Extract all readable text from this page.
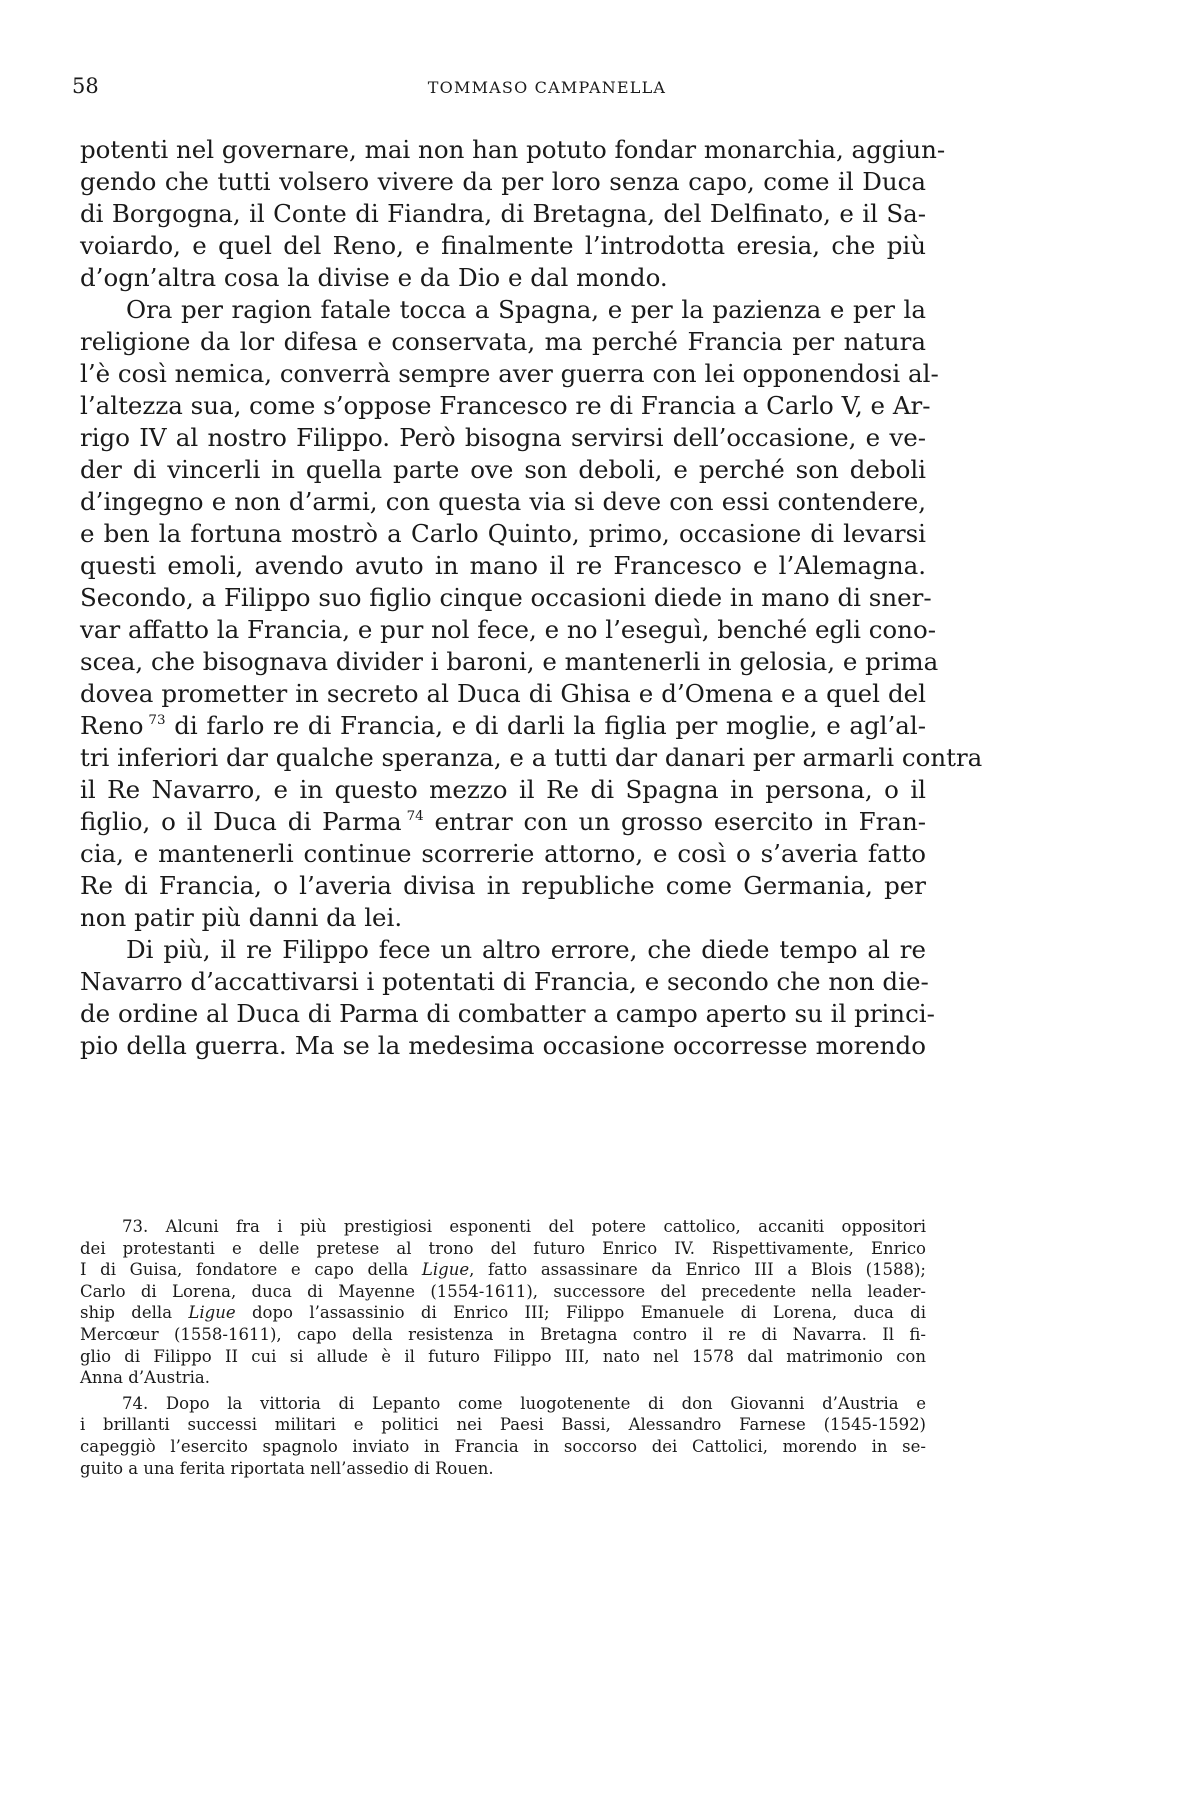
58	TOMMASO CAMPANELLA
potenti nel governare, mai non han potuto fondar monarchia, aggiun-
gendo che tutti volsero vivere da per loro senza capo, come il Duca
di Borgogna, il Conte di Fiandra, di Bretagna, del Delfinato, e il Sa-
voiardo, e quel del Reno, e finalmente l’introdotta eresia, che più
d’ogn’altra cosa la divise e da Dio e dal mondo.
Ora per ragion fatale tocca a Spagna, e per la pazienza e per la
religione da lor difesa e conservata, ma perché Francia per natura
l’è così nemica, converrà sempre aver guerra con lei opponendosi al-
l’altezza sua, come s’oppose Francesco re di Francia a Carlo V, e Ar-
rigo IV al nostro Filippo. Però bisogna servirsi dell’occasione, e ve-
der di vincerli in quella parte ove son deboli, e perché son deboli
d’ingegno e non d’armi, con questa via si deve con essi contendere,
e ben la fortuna mostrò a Carlo Quinto, primo, occasione di levarsi
questi emoli, avendo avuto in mano il re Francesco e l’Alemagna.
Secondo, a Filippo suo figlio cinque occasioni diede in mano di sner-
var affatto la Francia, e pur nol fece, e no l’eseguì, benché egli cono-
scea, che bisognava divider i baroni, e mantenerli in gelosia, e prima
dovea prometter in secreto al Duca di Ghisa e d’Omena e a quel del
Reno  $^{73}$ di farlo re di Francia, e di darli la figlia per moglie, e agl’al-
tri inferiori dar qualche speranza, e a tutti dar danari per armarli contra
il Re Navarro, e in questo mezzo il Re di Spagna in persona, o il
figlio, o il Duca di Parma  $^{74}$ entrar con un grosso esercito in Fran-
cia, e mantenerli continue scorrerie attorno, e così o s’averia fatto
Re di Francia, o l’averia divisa in republiche come Germania, per
non patir più danni da lei.
Di più, il re Filippo fece un altro errore, che diede tempo al re
Navarro d’accattivarsi i potentati di Francia, e secondo che non die-
de ordine al Duca di Parma di combatter a campo aperto su il princi-
pio della guerra. Ma se la medesima occasione occorresse morendo
73. Alcuni fra i più prestigiosi esponenti del potere cattolico, accaniti oppositori
dei protestanti e delle pretese al trono del futuro Enrico IV. Rispettivamente, Enrico
I di Guisa, fondatore e capo della Ligue, fatto assassinare da Enrico III a Blois (1588);
Carlo di Lorena, duca di Mayenne (1554-1611), successore del precedente nella leader-
ship della Ligue dopo l’assassinio di Enrico III; Filippo Emanuele di Lorena, duca di
Mercœur (1558-1611), capo della resistenza in Bretagna contro il re di Navarra. Il fi-
glio di Filippo II cui si allude è il futuro Filippo III, nato nel 1578 dal matrimonio con
Anna d’Austria.
74. Dopo la vittoria di Lepanto come luogotenente di don Giovanni d’Austria e
i brillanti successi militari e politici nei Paesi Bassi, Alessandro Farnese (1545-1592)
capeggiò l’esercito spagnolo inviato in Francia in soccorso dei Cattolici, morendo in se-
guito a una ferita riportata nell’assedio di Rouen.
